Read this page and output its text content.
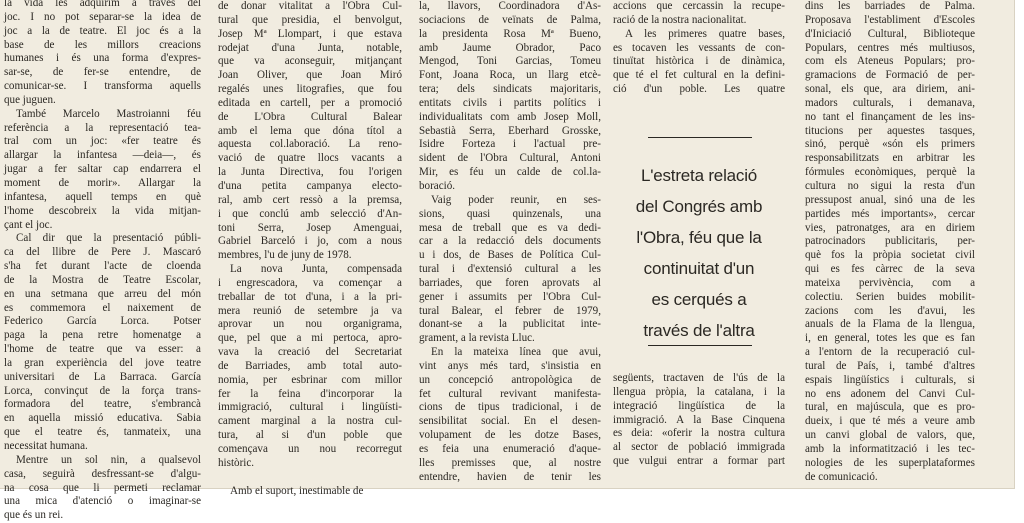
la vida les adquirim a través del

joc. I no pot separar-se la idea de

joc a la de teatre. El joc és a la

base de les millors creacions

humanes i és una forma d'expres-

sar-se, de fer-se entendre, de

comunicar-se. I transforma aquells

que juguen.

També Marcelo Mastroianni féu

referència a la representació tea-

tral com un joc: «fer teatre és

allargar la infantesa —deia—, és

jugar a fer saltar cap endarrera el

moment de morir». Allargar la

infantesa, aquell temps en què

l'home descobreix la vida mitjan-

çant el joc.

Cal dir que la presentació públi-

ca del llibre de Pere J. Mascaró

s'ha fet durant l'acte de cloenda

de la Mostra de Teatre Escolar,

en una setmana que arreu del món

es commemora el naixement de

Federico García Lorca. Potser

paga la pena retre homenatge a

l'home de teatre que va esser: a

la gran experiència del jove teatre

universitari de La Barraca. García

Lorca, convinçut de la força trans-

formadora del teatre, s'embrancà

en aquella missió educativa. Sabia

que el teatre és, tanmateix, una

necessitat humana.

Mentre un sol nin, a qualsevol

casa, seguirà desfressant-se d'algu-

na cosa que li permeti reclamar

una mica d'atenció o imaginar-se

que és un rei.

de donar vitalitat a l'Obra Cul-

tural que presidia, el benvolgut,

Josep Mª Llompart, i que estava

rodejat d'una Junta, notable,

que va aconseguir, mitjançant

Joan Oliver, que Joan Miró

regalés unes litografies, que fou

editada en cartell, per a promoció

de L'Obra Cultural Balear

amb el lema que dóna títol a

aquesta col.laboració. La reno-

vació de quatre llocs vacants a

la Junta Directiva, fou l'origen

d'una petita campanya electo-

ral, amb cert ressò a la premsa,

i que conclú amb selecció d'An-

toni Serra, Josep Amenguai,

Gabriel Barceló i jo, com a nous

membres, l'u de juny de 1978.

La nova Junta, compensada

i engrescadora, va començar a

treballar de tot d'una, i a la pri-

mera reunió de setembre ja va

aprovar un nou organigrama,

que, pel que a mi pertoca, apro-

vava la creació del Secretariat

de Barriades, amb total auto-

nomia, per esbrinar com millor

fer la feina d'incorporar la

immigració, cultural i lingüísti-

cament marginal a la nostra cul-

tura, al si d'un poble que

començava un nou recorregut

històric.

Amb el suport, inestimable de

la, llavors, Coordinadora d'As-

sociacions de veïnats de Palma,

la presidenta Rosa Mª Bueno,

amb Jaume Obrador, Paco

Mengod, Toni Garcias, Tomeu

Font, Joana Roca, un llarg etcè-

tera; dels sindicats majoritaris,

entitats civils i partits polítics i

individualitats com amb Josep Moll,

Sebastià Serra, Eberhard Grosske,

Isidre Forteza i l'actual pre-

sident de l'Obra Cultural, Antoni

Mir, es féu un calde de col.la-

boració.

Vaig poder reunir, en ses-

sions, quasi quinzenals, una

mesa de treball que es va dedi-

car a la redacció dels documents

u i dos, de Bases de Política Cul-

tural i d'extensió cultural a les

barriades, que foren aprovats al

gener i assumits per l'Obra Cul-

tural Balear, el febrer de 1979,

donant-se a la publicitat inte-

grament, a la revista Lluc.

En la mateixa línea que avui,

vint anys més tard, s'insistia en

un concepció antropològica de

fet cultural revivant manifesta-

cions de tipus tradicional, i de

sensibilitat social. En el desen-

volupament de les dotze Bases,

es feia una enumeració d'aque-

lles premisses que, al nostre

entendre, havien de tenir les

accions que cercassin la recupe-

ració de la nostra nacionalitat.

A les primeres quatre bases,

es tocaven les vessants de con-

tinuïtat històrica i de dinàmica,

que té el fet cultural en la defini-

ció d'un poble. Les quatre

L'estreta relació
del Congrés amb
l'Obra, féu que la
continuitat d'un
es cerqués a
través de l'altra

següents, tractaven de l'ús de la

llengua pròpia, la catalana, i la

integració lingüística de la

immigració. A la Base Cinquena

es deia: «oferir la nostra cultura

al sector de població immigrada

que vulgui entrar a formar part

dins les barriades de Palma.

Proposava l'establiment d'Escoles

d'Iniciació Cultural, Biblioteque

Populars, centres més multiusos,

com els Ateneus Populars; pro-

gramacions de Formació de per-

sonal, els que, ara diriem, ani-

madors culturals, i demanava,

no tant el finançament de les ins-

titucions per aquestes tasques,

sinó, perquè «són els primers

responsabilitzats en arbitrar les

fórmules econòmiques, perquè la

cultura no sigui la resta d'un

pressupost anual, sinó una de les

partides més importants», cercar

vies, patronatges, ara en diriem

patrocinadors publicitaris, per-

què fos la pròpia societat civil

qui es fes càrrec de la seva

mateixa pervivència, com a

colectiu. Serien buides mobilit-

zacions com les d'avui, les

anuals de la Flama de la llengua,

i, en general, totes les que es fan

a l'entorn de la recuperació cul-

tural de País, i, també d'altres

espais lingüístics i culturals, si

no ens adonem del Canvi Cul-

tural, en majúscula, que es pro-

dueix, i que té més a veure amb

un canvi global de valors, que,

amb la informatització i les tec-

nologies de les superplataformes

de comunicació.
